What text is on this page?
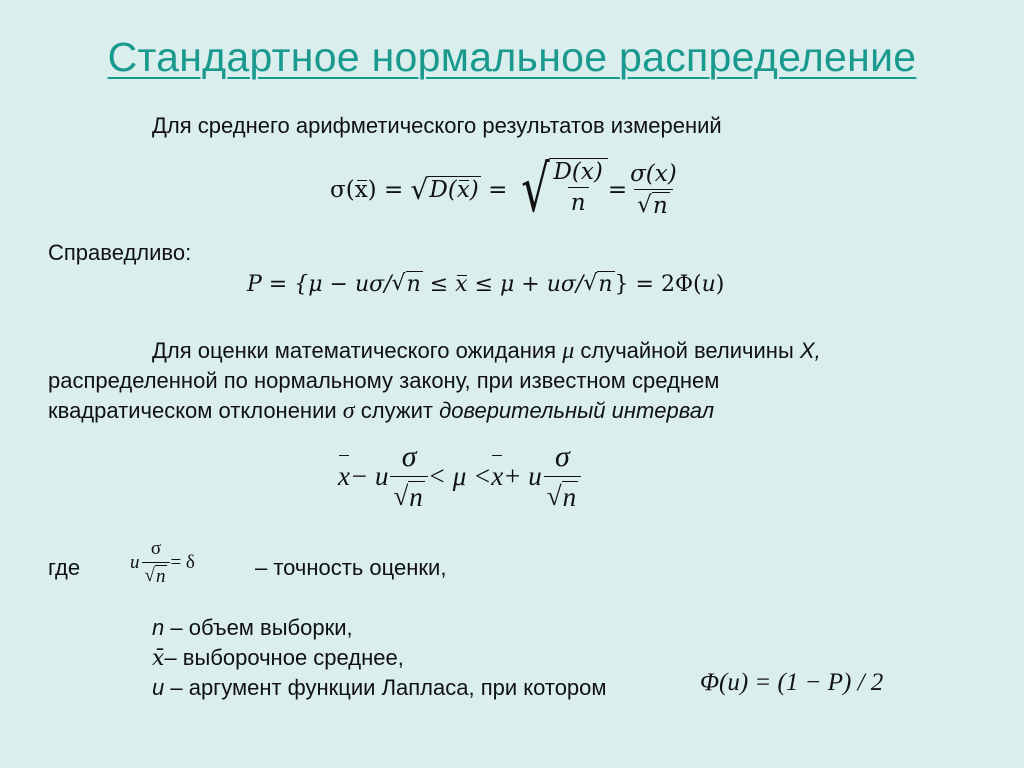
Стандартное нормальное распределение
Для среднего арифметического результатов измерений
σ(x) = √ D(x) = √ $\frac{D(x)}{n} = \frac{\sigma(x)}{√ n}$
Справедливо:
P = {μ − uσ/ √ n ≤ x ≤ μ + uσ/ √ n } = 2Φ(u)
Для оценки математического ожидания μ случайной величины X,
распределенной по нормальному закону, при известном среднем
квадратическом отклонении σ служит доверительный интервал
x − u $\frac{\sigma}{√ n} < \mu < x + u \frac{\sigma}{√ n}$
где	u $\frac{\sigma}{√ n} = \delta$	– точность оценки,
n – объем выборки,
x̄– выборочное среднее,
u – аргумент функции Лапласа, при котором	Φ(u) = (1 − P) / 2
